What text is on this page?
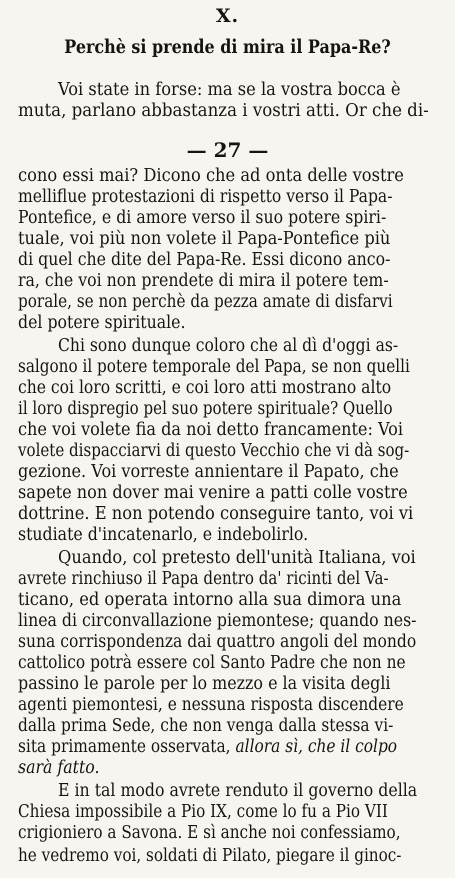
X.
Perchè si prende di mira il Papa-Re?
Voi state in forse: ma se la vostra bocca è
muta, parlano abbastanza i vostri atti. Or che di-
— 27 —
cono essi mai? Dicono che ad onta delle vostre
melliflue protestazioni di rispetto verso il Papa-
Pontefice, e di amore verso il suo potere spiri-
tuale, voi più non volete il Papa-Pontefice più
di quel che dite del Papa-Re. Essi dicono anco-
ra, che voi non prendete di mira il potere tem-
porale, se non perchè da pezza amate di disfarvi
del potere spirituale.
Chi sono dunque coloro che al dì d'oggi as-
salgono il potere temporale del Papa, se non quelli
che coi loro scritti, e coi loro atti mostrano alto
il loro dispregio pel suo potere spirituale? Quello
che voi volete fia da noi detto francamente: Voi
volete dispacciarvi di questo Vecchio che vi dà sog-
gezione. Voi vorreste annientare il Papato, che
sapete non dover mai venire a patti colle vostre
dottrine. E non potendo conseguire tanto, voi vi
studiate d'incatenarlo, e indebolirlo.
Quando, col pretesto dell'unità Italiana, voi
avrete rinchiuso il Papa dentro da' ricinti del Va-
ticano, ed operata intorno alla sua dimora una
linea di circonvallazione piemontese; quando nes-
suna corrispondenza dai quattro angoli del mondo
cattolico potrà essere col Santo Padre che non ne
passino le parole per lo mezzo e la visita degli
agenti piemontesi, e nessuna risposta discendere
dalla prima Sede, che non venga dalla stessa vi-
sita primamente osservata, allora sì, che il colpo
sarà fatto.
E in tal modo avrete renduto il governo della
Chiesa impossibile a Pio IX, come lo fu a Pio VII
crigioniero a Savona. E sì anche noi confessiamo,
he vedremo voi, soldati di Pilato, piegare il ginoc-
